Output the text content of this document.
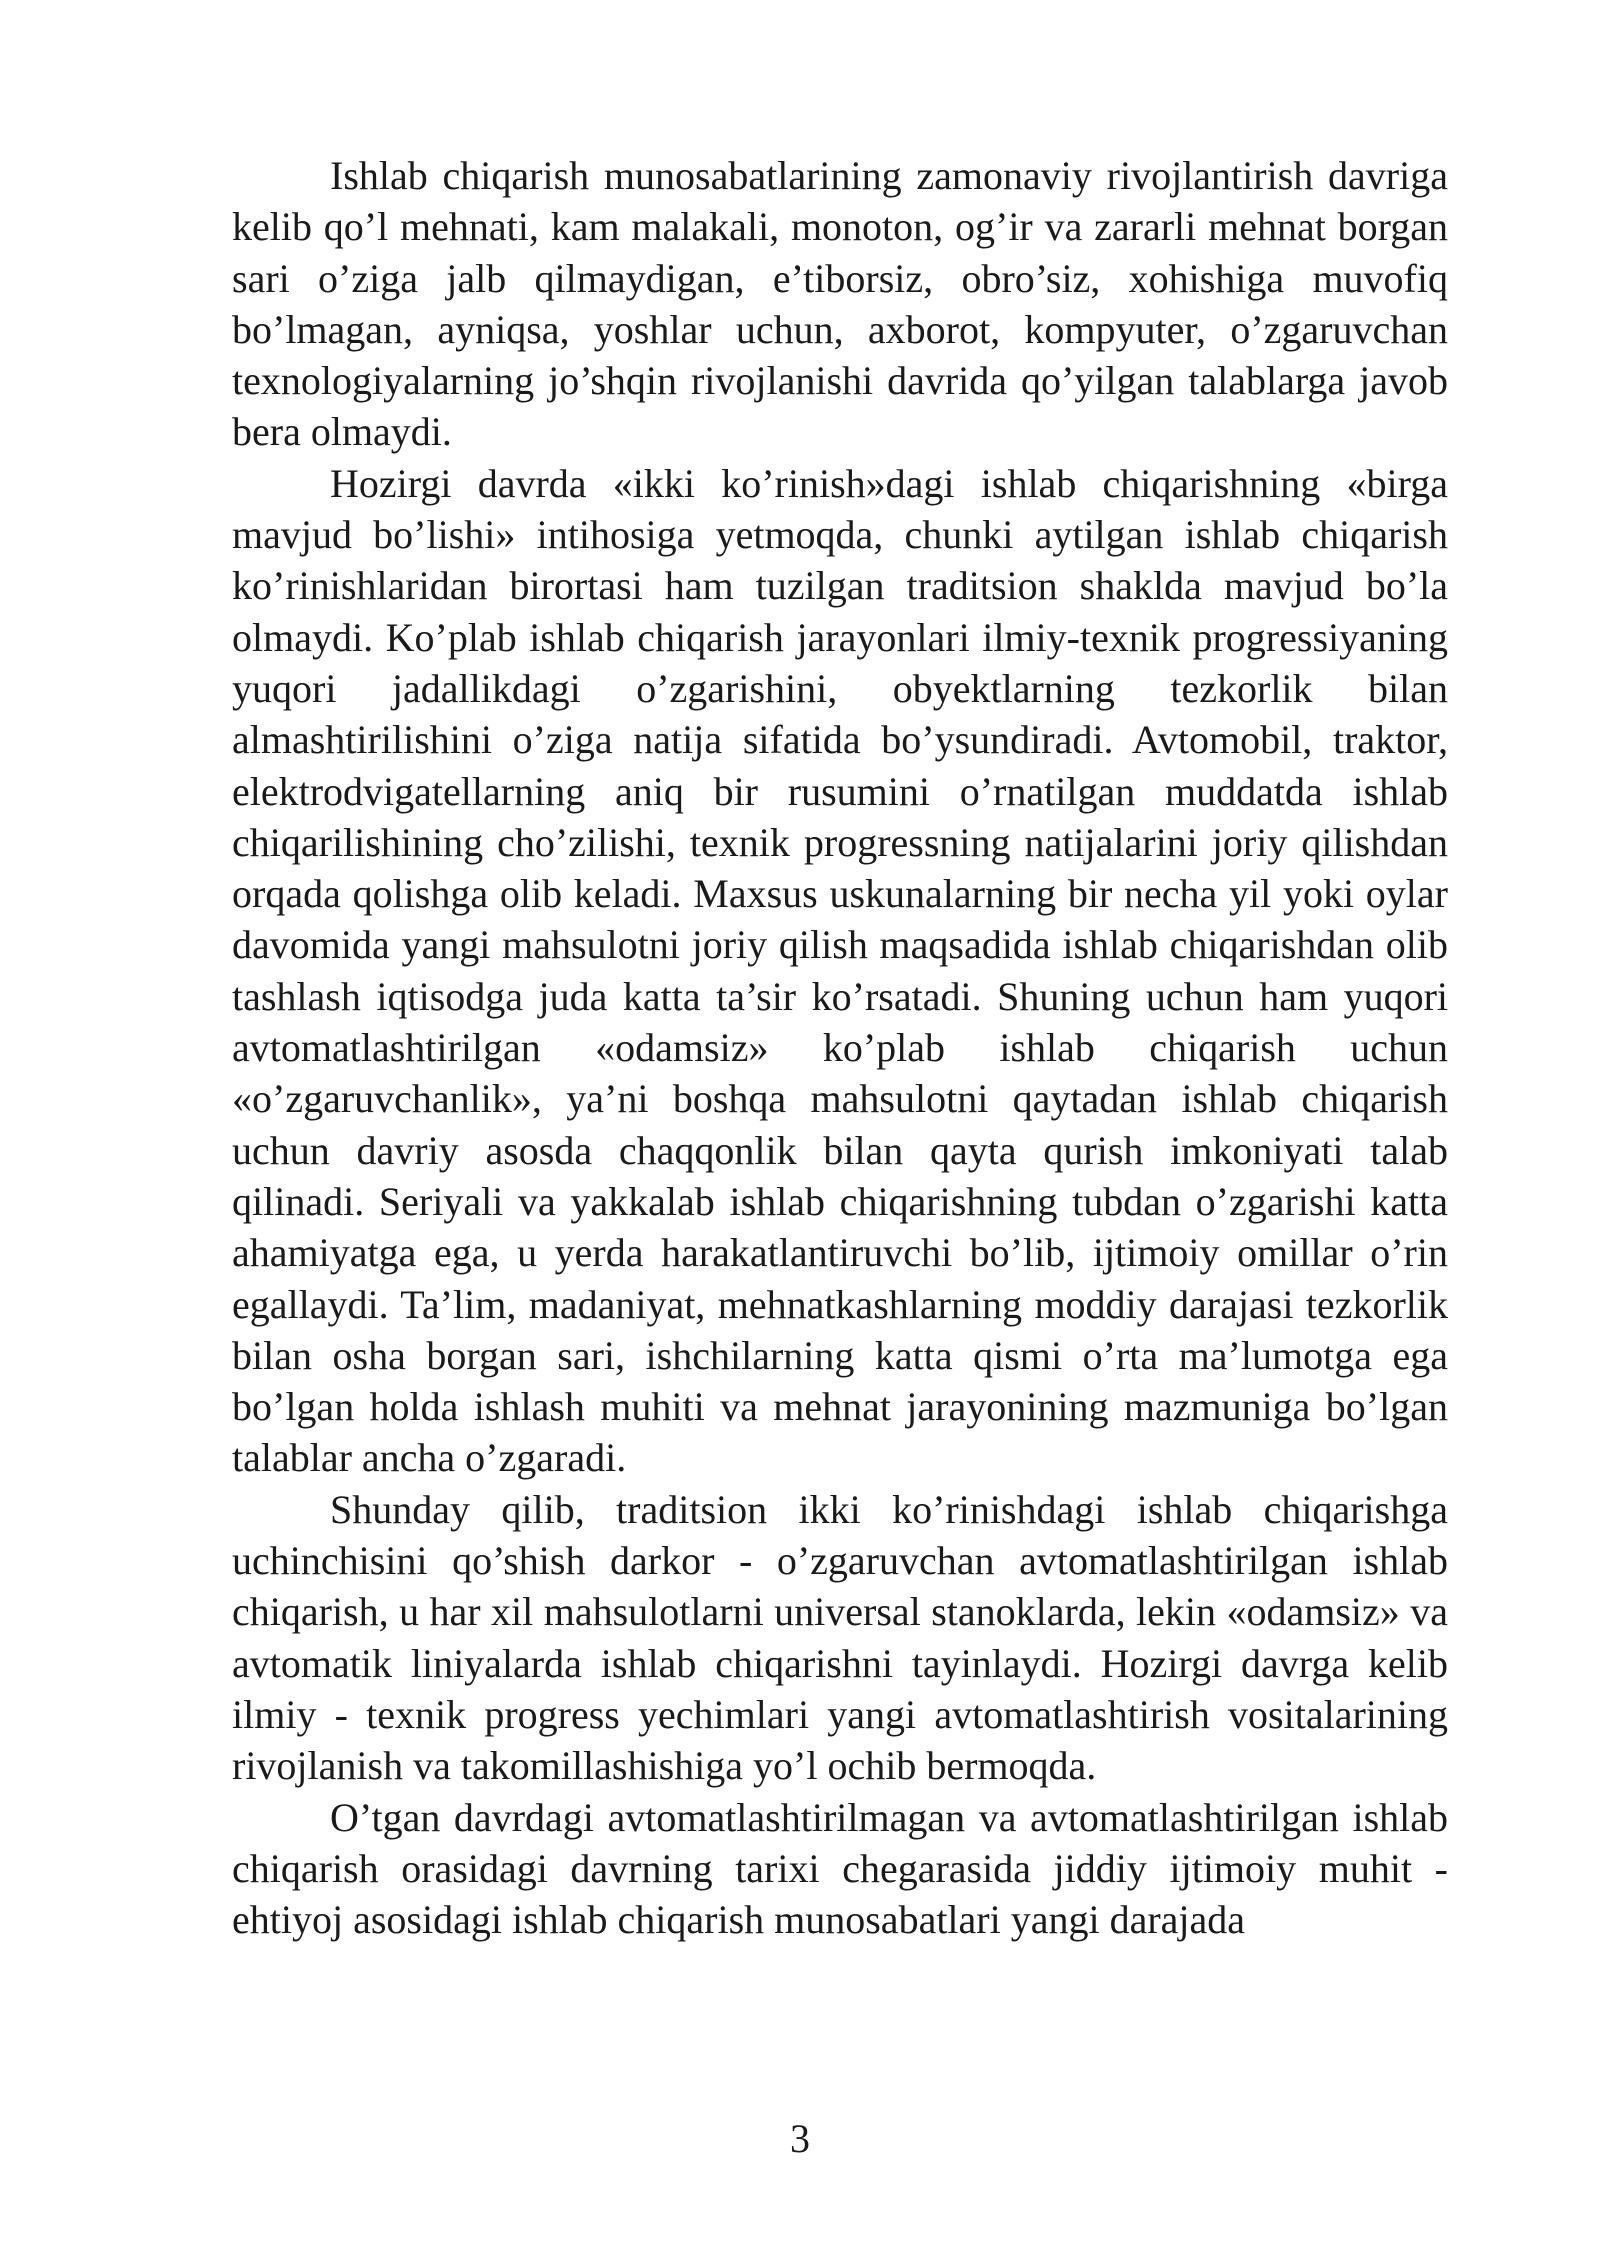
Ishlab chiqarish munosabatlarining zamonaviy rivojlantirish davriga kelib qo’l mehnati, kam malakali, monoton, og’ir va zararli mehnat borgan sari o’ziga jalb qilmaydigan, e’tiborsiz, obro’siz, xohishiga muvofiq bo’lmagan, ayniqsa, yoshlar uchun, axborot, kompyuter, o’zgaruvchan texnologiyalarning jo’shqin rivojlanishi davrida qo’yilgan talablarga javob bera olmaydi.

Hozirgi davrda «ikki ko’rinish»dagi ishlab chiqarishning «birga mavjud bo’lishi» intihosiga yetmoqda, chunki aytilgan ishlab chiqarish ko’rinishlaridan birortasi ham tuzilgan traditsion shaklda mavjud bo’la olmaydi. Ko’plab ishlab chiqarish jarayonlari ilmiy-texnik progressiyaning yuqori jadallikdagi o’zgarishini, obyektlarning tezkorlik bilan almashtirilishini o’ziga natija sifatida bo’ysundiradi. Avtomobil, traktor, elektrodvigatellarning aniq bir rusumini o’rnatilgan muddatda ishlab chiqarilishining cho’zilishi, texnik progressning natijalarini joriy qilishdan orqada qolishga olib keladi. Maxsus uskunalarning bir necha yil yoki oylar davomida yangi mahsulotni joriy qilish maqsadida ishlab chiqarishdan olib tashlash iqtisodga juda katta ta’sir ko’rsatadi. Shuning uchun ham yuqori avtomatlashtirilgan «odamsiz» ko’plab ishlab chiqarish uchun «o’zgaruvchanlik», ya’ni boshqa mahsulotni qaytadan ishlab chiqarish uchun davriy asosda chaqqonlik bilan qayta qurish imkoniyati talab qilinadi. Seriyali va yakkalab ishlab chiqarishning tubdan o’zgarishi katta ahamiyatga ega, u yerda harakatlantiruvchi bo’lib, ijtimoiy omillar o’rin egallaydi. Ta’lim, madaniyat, mehnatkashlarning moddiy darajasi tezkorlik bilan osha borgan sari, ishchilarning katta qismi o’rta ma’lumotga ega bo’lgan holda ishlash muhiti va mehnat jarayonining mazmuniga bo’lgan talablar ancha o’zgaradi.

Shunday qilib, traditsion ikki ko’rinishdagi ishlab chiqarishga uchinchisini qo’shish darkor - o’zgaruvchan avtomatlashtirilgan ishlab chiqarish, u har xil mahsulotlarni universal stanoklarda, lekin «odamsiz» va avtomatik liniyalarda ishlab chiqarishni tayinlaydi. Hozirgi davrga kelib ilmiy - texnik progress yechimlari yangi avtomatlashtirish vositalarining rivojlanish va takomillashishiga yo’l ochib bermoqda.

O’tgan davrdagi avtomatlashtirilmagan va avtomatlashtirilgan ishlab chiqarish orasidagi davrning tarixi chegarasida jiddiy ijtimoiy muhit - ehtiyoj asosidagi ishlab chiqarish munosabatlari yangi darajada

3
